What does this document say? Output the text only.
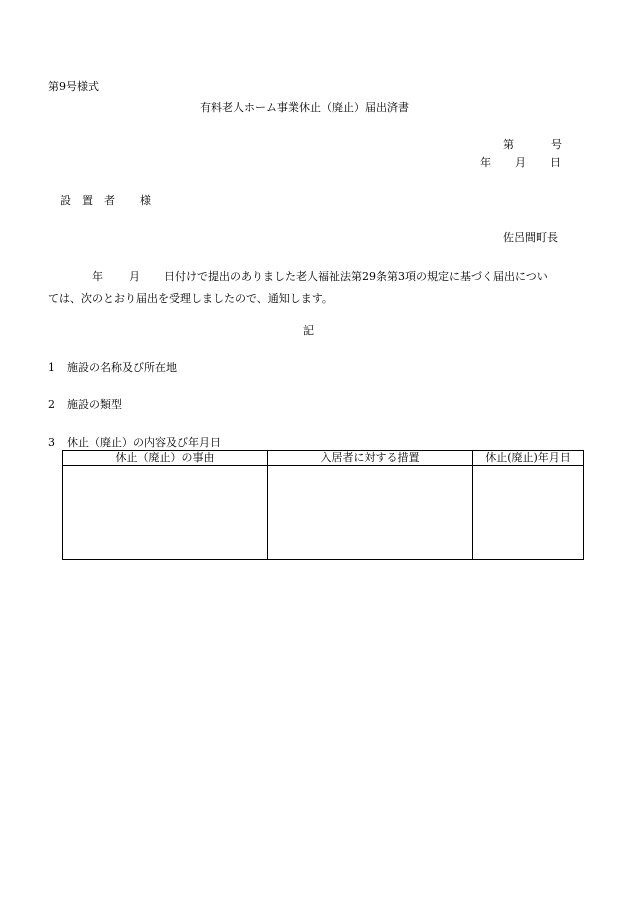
第9号様式
有料老人ホーム事業休止（廃止）届出済書
第	号
年 月 日
設　置　者 様
佐呂間町長
年 月 日付けで提出のありました老人福祉法第29条第3項の規定に基づく届出につい
ては、次のとおり届出を受理しましたので、通知します。
記
1 施設の名称及び所在地
2 施設の類型
3 休止（廃止）の内容及び年月日
休止（廃止）の事由	入居者に対する措置	休止(廃止)年月日
